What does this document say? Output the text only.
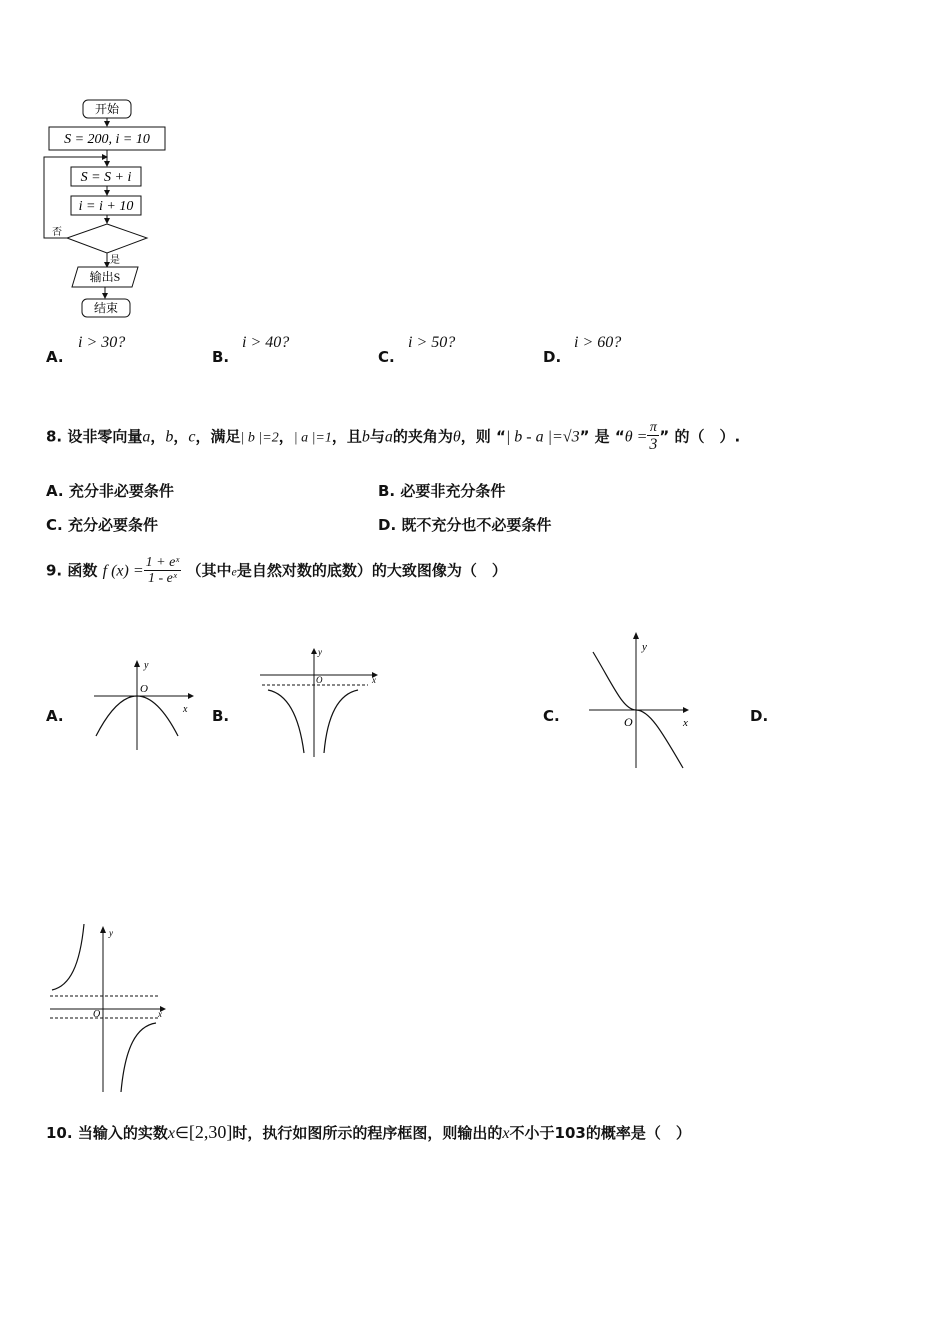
开始
S = 200, i = 10
S = S + i
i = i + 10
否
是
输出S
结束
A.
i > 30?
B.
i > 40?
C.
i > 50?
D.
i > 60?
8. 设非零向量a，b，c，满足| b |=2，| a |=1，且b与a的夹角为θ，则 “| b - a |=√3” 是 “$\theta = \frac{\pi}{3}$ ” 的（　）.
A. 充分非必要条件	B. 必要非充分条件
C. 充分必要条件	D. 既不充分也不必要条件
9. 函数 f $(x) = \frac{\text{1 + eˣ}}{\text{1 - eˣ}}$ （其中e是自然对数的底数）的大致图像为（　）
A.	B.	C.	D.
y
O
x
y
O	x
y
O	x
y
O	x
10. 当输入的实数x∈[2,30]时，执行如图所示的程序框图，则输出的x不小于103的概率是（　）
